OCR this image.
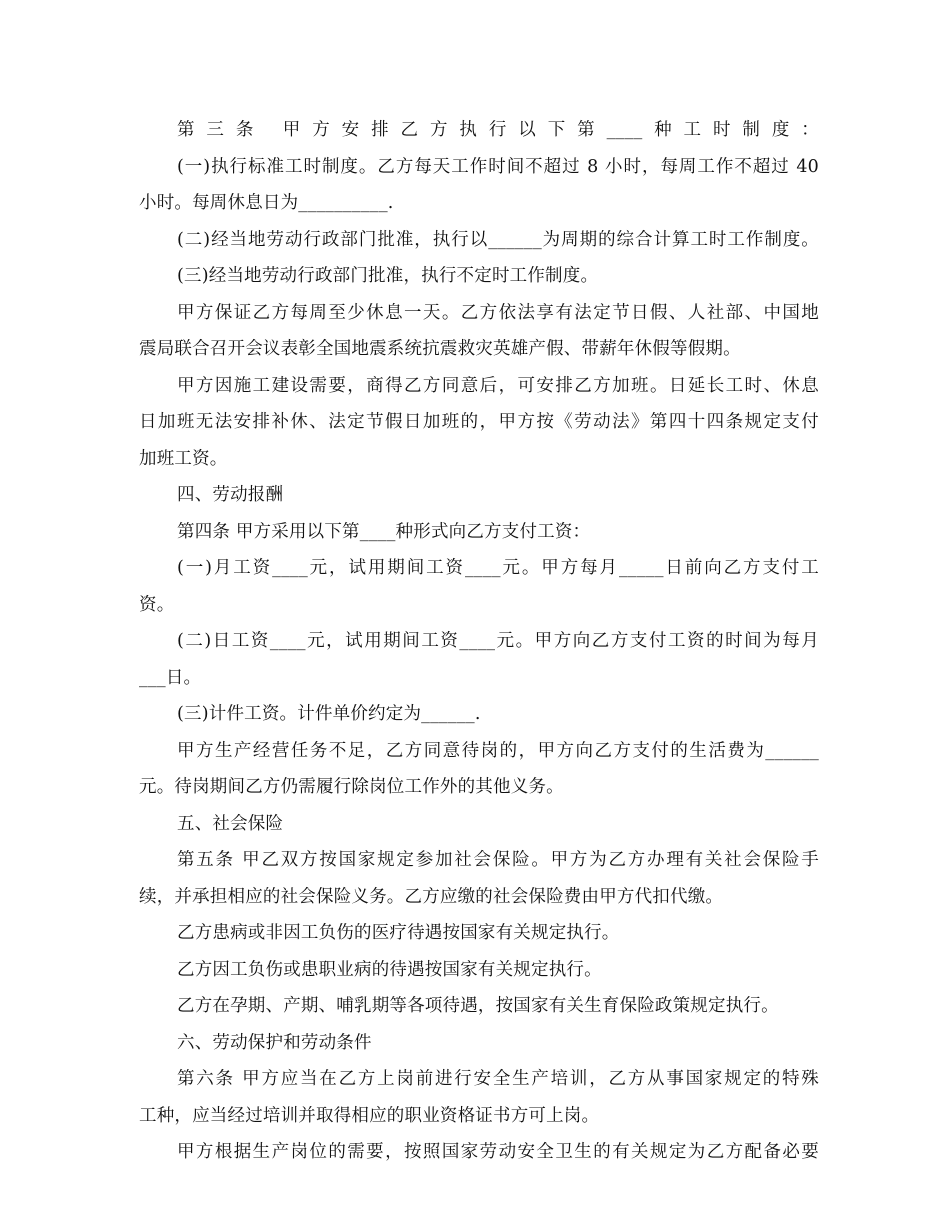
第三条 甲方安排乙方执行以下第____种工时制度：
(一)执行标准工时制度。乙方每天工作时间不超过 8 小时，每周工作不超过 40
小时。每周休息日为__________.
(二)经当地劳动行政部门批准，执行以______为周期的综合计算工时工作制度。
(三)经当地劳动行政部门批准，执行不定时工作制度。
甲方保证乙方每周至少休息一天。乙方依法享有法定节日假、人社部、中国地
震局联合召开会议表彰全国地震系统抗震救灾英雄产假、带薪年休假等假期。
甲方因施工建设需要，商得乙方同意后，可安排乙方加班。日延长工时、休息
日加班无法安排补休、法定节假日加班的，甲方按《劳动法》第四十四条规定支付
加班工资。
四、劳动报酬
第四条 甲方采用以下第____种形式向乙方支付工资：
(一)月工资____元，试用期间工资____元。甲方每月_____日前向乙方支付工
资。
(二)日工资____元，试用期间工资____元。甲方向乙方支付工资的时间为每月
___日。
(三)计件工资。计件单价约定为______.
甲方生产经营任务不足，乙方同意待岗的，甲方向乙方支付的生活费为______
元。待岗期间乙方仍需履行除岗位工作外的其他义务。
五、社会保险
第五条 甲乙双方按国家规定参加社会保险。甲方为乙方办理有关社会保险手
续，并承担相应的社会保险义务。乙方应缴的社会保险费由甲方代扣代缴。
乙方患病或非因工负伤的医疗待遇按国家有关规定执行。
乙方因工负伤或患职业病的待遇按国家有关规定执行。
乙方在孕期、产期、哺乳期等各项待遇，按国家有关生育保险政策规定执行。
六、劳动保护和劳动条件
第六条 甲方应当在乙方上岗前进行安全生产培训，乙方从事国家规定的特殊
工种，应当经过培训并取得相应的职业资格证书方可上岗。
甲方根据生产岗位的需要，按照国家劳动安全卫生的有关规定为乙方配备必要
